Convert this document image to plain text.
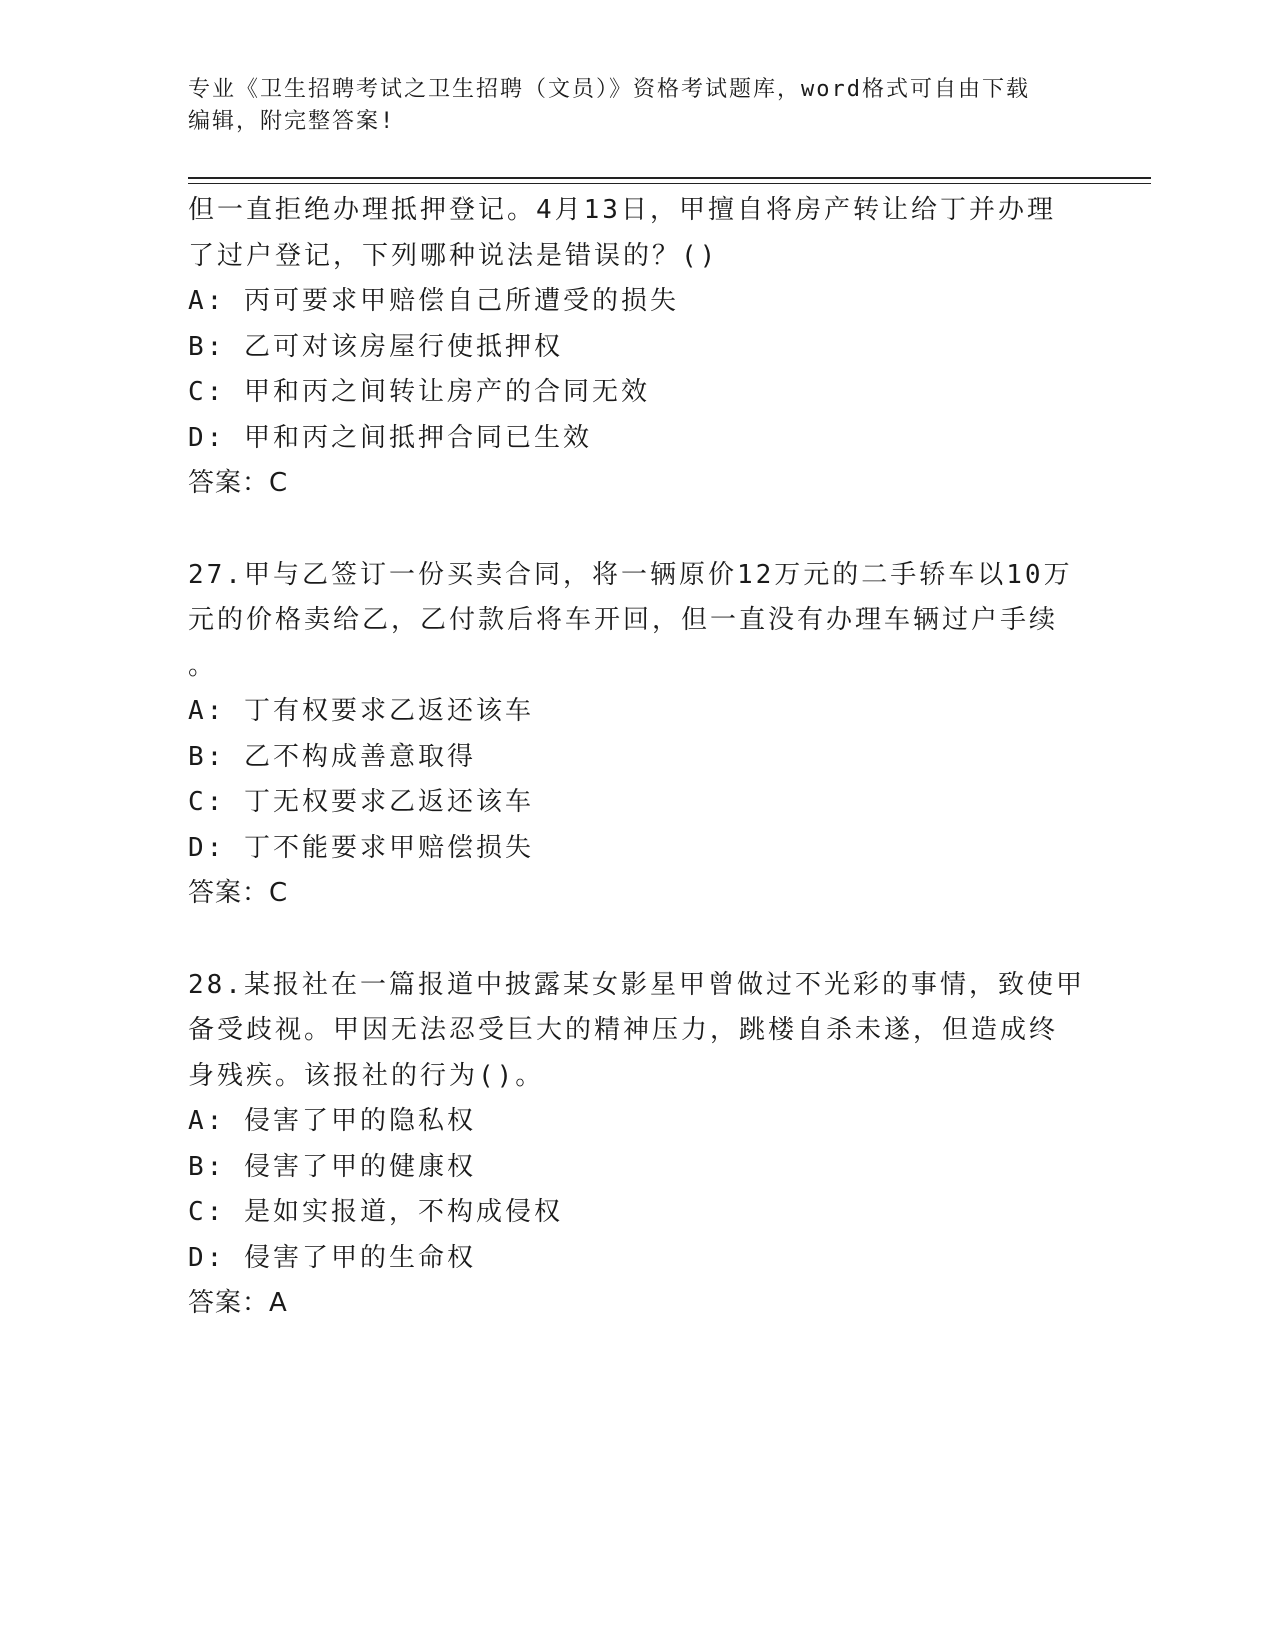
专业《卫生招聘考试之卫生招聘（文员）》资格考试题库，word格式可自由下载
编辑，附完整答案!
但一直拒绝办理抵押登记。4月13日，甲擅自将房产转让给丁并办理
了过户登记，下列哪种说法是错误的？()
A: 丙可要求甲赔偿自己所遭受的损失
B: 乙可对该房屋行使抵押权
C: 甲和丙之间转让房产的合同无效
D: 甲和丙之间抵押合同已生效
答案：C
27.甲与乙签订一份买卖合同，将一辆原价12万元的二手轿车以10万
元的价格卖给乙，乙付款后将车开回，但一直没有办理车辆过户手续
。
A: 丁有权要求乙返还该车
B: 乙不构成善意取得
C: 丁无权要求乙返还该车
D: 丁不能要求甲赔偿损失
答案：C
28.某报社在一篇报道中披露某女影星甲曾做过不光彩的事情，致使甲
备受歧视。甲因无法忍受巨大的精神压力，跳楼自杀未遂，但造成终
身残疾。该报社的行为()。
A: 侵害了甲的隐私权
B: 侵害了甲的健康权
C: 是如实报道，不构成侵权
D: 侵害了甲的生命权
答案：A
